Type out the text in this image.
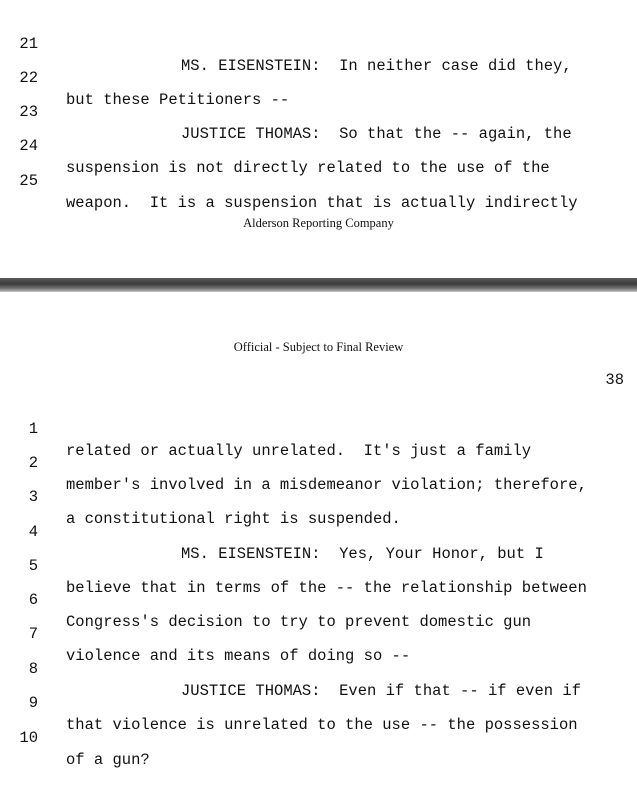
21

MS. EISENSTEIN:  In neither case did they,

22

but these Petitioners --

23

JUSTICE THOMAS:  So that the -- again, the

24

suspension is not directly related to the use of the

25

weapon.  It is a suspension that is actually indirectly

Alderson Reporting Company
Official - Subject to Final Review
38

1

related or actually unrelated.  It's just a family

2

member's involved in a misdemeanor violation; therefore,

3

a constitutional right is suspended.

4

MS. EISENSTEIN:  Yes, Your Honor, but I

5

believe that in terms of the -- the relationship between

6

Congress's decision to try to prevent domestic gun

7

violence and its means of doing so --

8

JUSTICE THOMAS:  Even if that -- if even if

9

that violence is unrelated to the use -- the possession

10

of a gun?
